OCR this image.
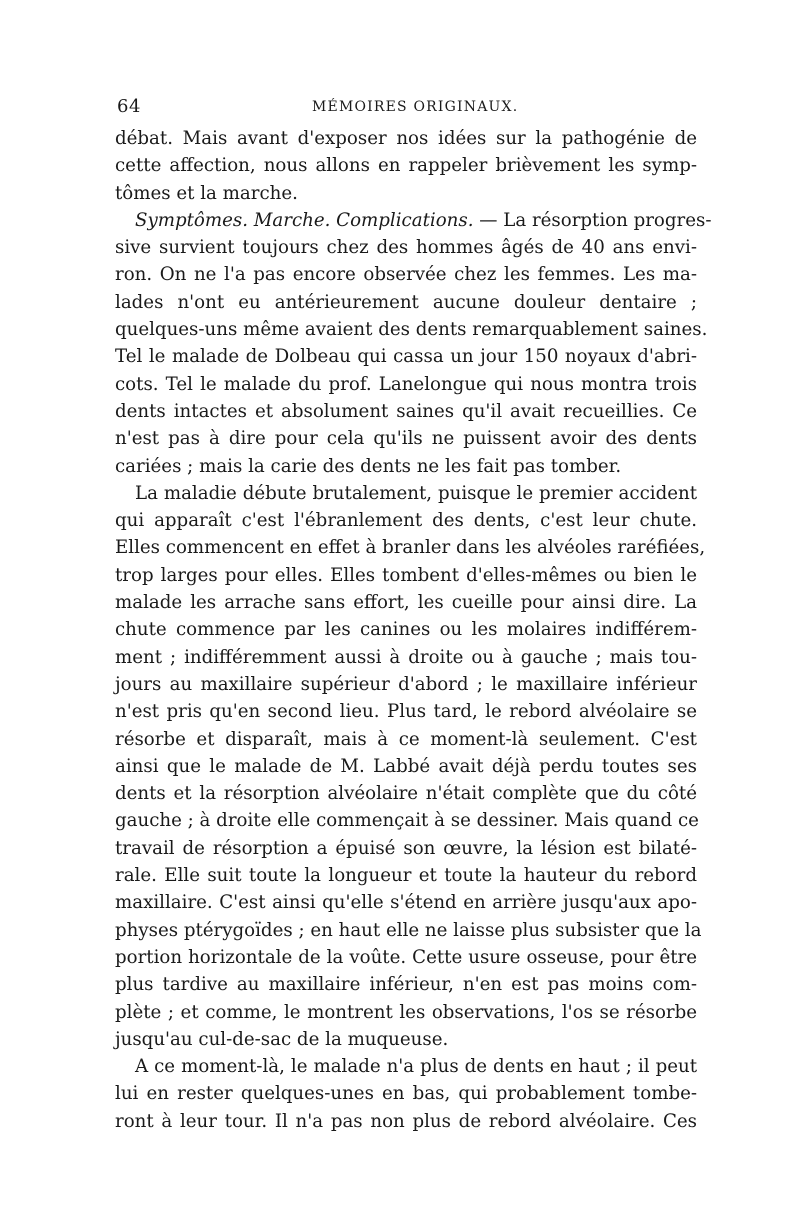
64	MÉMOIRES ORIGINAUX.
débat. Mais avant d'exposer nos idées sur la pathogénie de
cette affection, nous allons en rappeler brièvement les symp-
tômes et la marche.
Symptômes. Marche. Complications. — La résorption progres-
sive survient toujours chez des hommes âgés de 40 ans envi-
ron. On ne l'a pas encore observée chez les femmes. Les ma-
lades n'ont eu antérieurement aucune douleur dentaire ;
quelques-uns même avaient des dents remarquablement saines.
Tel le malade de Dolbeau qui cassa un jour 150 noyaux d'abri-
cots. Tel le malade du prof. Lanelongue qui nous montra trois
dents intactes et absolument saines qu'il avait recueillies. Ce
n'est pas à dire pour cela qu'ils ne puissent avoir des dents
cariées ; mais la carie des dents ne les fait pas tomber.
La maladie débute brutalement, puisque le premier accident
qui apparaît c'est l'ébranlement des dents, c'est leur chute.
Elles commencent en effet à branler dans les alvéoles raréfiées,
trop larges pour elles. Elles tombent d'elles-mêmes ou bien le
malade les arrache sans effort, les cueille pour ainsi dire. La
chute commence par les canines ou les molaires indifférem-
ment ; indifféremment aussi à droite ou à gauche ; mais tou-
jours au maxillaire supérieur d'abord ; le maxillaire inférieur
n'est pris qu'en second lieu. Plus tard, le rebord alvéolaire se
résorbe et disparaît, mais à ce moment-là seulement. C'est
ainsi que le malade de M. Labbé avait déjà perdu toutes ses
dents et la résorption alvéolaire n'était complète que du côté
gauche ; à droite elle commençait à se dessiner. Mais quand ce
travail de résorption a épuisé son œuvre, la lésion est bilaté-
rale. Elle suit toute la longueur et toute la hauteur du rebord
maxillaire. C'est ainsi qu'elle s'étend en arrière jusqu'aux apo-
physes ptérygoïdes ; en haut elle ne laisse plus subsister que la
portion horizontale de la voûte. Cette usure osseuse, pour être
plus tardive au maxillaire inférieur, n'en est pas moins com-
plète ; et comme, le montrent les observations, l'os se résorbe
jusqu'au cul-de-sac de la muqueuse.
A ce moment-là, le malade n'a plus de dents en haut ; il peut
lui en rester quelques-unes en bas, qui probablement tombe-
ront à leur tour. Il n'a pas non plus de rebord alvéolaire. Ces
